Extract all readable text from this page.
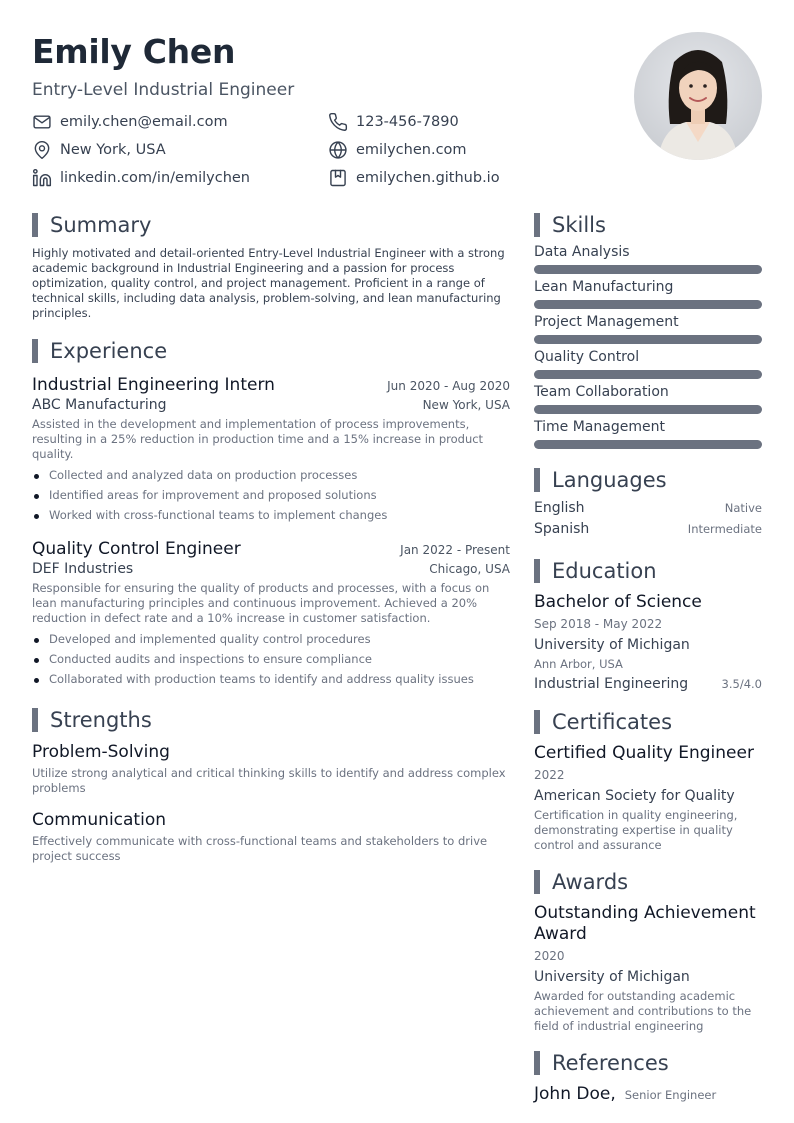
Emily Chen
Entry-Level Industrial Engineer
emily.chen@email.com	123-456-7890
New York, USA	emilychen.com
linkedin.com/in/emilychen	emilychen.github.io
Summary
Highly motivated and detail-oriented Entry-Level Industrial Engineer with a strong academic background in Industrial Engineering and a passion for process optimization, quality control, and project management. Proficient in a range of technical skills, including data analysis, problem-solving, and lean manufacturing principles.
Experience
Industrial Engineering Intern	Jun 2020 - Aug 2020
ABC Manufacturing	New York, USA
Assisted in the development and implementation of process improvements, resulting in a 25% reduction in production time and a 15% increase in product quality.
Collected and analyzed data on production processes
Identified areas for improvement and proposed solutions
Worked with cross-functional teams to implement changes
Quality Control Engineer	Jan 2022 - Present
DEF Industries	Chicago, USA
Responsible for ensuring the quality of products and processes, with a focus on lean manufacturing principles and continuous improvement. Achieved a 20% reduction in defect rate and a 10% increase in customer satisfaction.
Developed and implemented quality control procedures
Conducted audits and inspections to ensure compliance
Collaborated with production teams to identify and address quality issues
Strengths
Problem-Solving
Utilize strong analytical and critical thinking skills to identify and address complex problems
Communication
Effectively communicate with cross-functional teams and stakeholders to drive project success
Skills
Data Analysis
Lean Manufacturing
Project Management
Quality Control
Team Collaboration
Time Management
Languages
English	Native
Spanish	Intermediate
Education
Bachelor of Science
Sep 2018 - May 2022
University of Michigan
Ann Arbor, USA
Industrial Engineering	3.5/4.0
Certificates
Certified Quality Engineer
2022
American Society for Quality
Certification in quality engineering, demonstrating expertise in quality control and assurance
Awards
Outstanding Achievement Award
2020
University of Michigan
Awarded for outstanding academic achievement and contributions to the field of industrial engineering
References
John Doe, Senior Engineer
